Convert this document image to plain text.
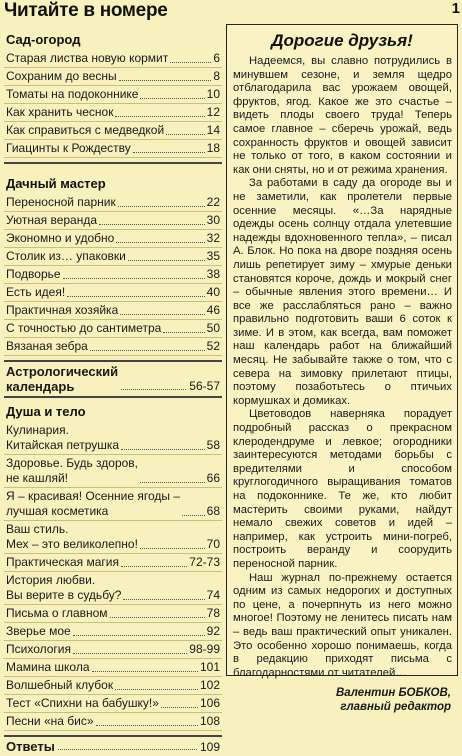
Читайте в номере	1
Сад-огород
Старая листва новую кормит	6
Сохраним до весны	8
Томаты на подоконнике	10
Как хранить чеснок	12
Как справиться с медведкой	14
Гиацинты к Рождеству	18
Дачный мастер
Переносной парник	22
Уютная веранда	30
Экономно и удобно	32
Столик из… упаковки	35
Подворье	38
Есть идея!	40
Практичная хозяйка	46
С точностью до сантиметра	50
Вязаная зебра	52
Астрологический
календарь	56-57
Душа и тело
Кулинария.
Китайская петрушка	58
Здоровье. Будь здоров,
не кашляй!	66
Я – красивая! Осенние ягоды –
лучшая косметика	68
Ваш стиль.
Мех – это великолепно!	70
Практическая магия	72-73
История любви.
Вы верите в судьбу?	74
Письма о главном	78
Зверье мое	92
Психология	98-99
Мамина школа	101
Волшебный клубок	102
Тест «Спихни на бабушку!»	106
Песни «на бис»	108
Ответы	109
Дорогие друзья!
Надеемся, вы славно потрудились в минувшем сезоне, и земля щедро отблагодарила вас урожаем овощей, фруктов, ягод. Какое же это счастье – видеть плоды своего труда! Теперь самое главное – сберечь урожай, ведь сохранность фруктов и овощей зависит не только от того, в каком состоянии и как они сняты, но и от режима хранения.
За работами в саду да огороде вы и не заметили, как пролетели первые осенние месяцы. «…За нарядные одежды осень солнцу отдала улетевшие надежды вдохновенного тепла», – писал А. Блок. Но пока на дворе поздняя осень лишь репетирует зиму – хмурые деньки становятся короче, дождь и мокрый снег – обычные явления этого времени… И все же расслабляться рано – важно правильно подготовить ваши 6 соток к зиме. И в этом, как всегда, вам поможет наш календарь работ на ближайший месяц. Не забывайте также о том, что с севера на зимовку прилетают птицы, поэтому позаботьтесь о птичьих кормушках и домиках.
Цветоводов наверняка порадует подробный рассказ о прекрасном клеродендруме и левкое; огородники заинтересуются методами борьбы с вредителями и способом круглогодичного выращивания томатов на подоконнике. Те же, кто любит мастерить своими руками, найдут немало свежих советов и идей – например, как устроить мини-погреб, построить веранду и соорудить переносной парник.
Наш журнал по-прежнему остается одним из самых недорогих и доступных по цене, а почерпнуть из него можно многое! Поэтому не ленитесь писать нам – ведь ваш практический опыт уникален. Это особенно хорошо понимаешь, когда в редакцию приходят письма с благодарностями от читателей…
Валентин БОБКОВ,
главный редактор
